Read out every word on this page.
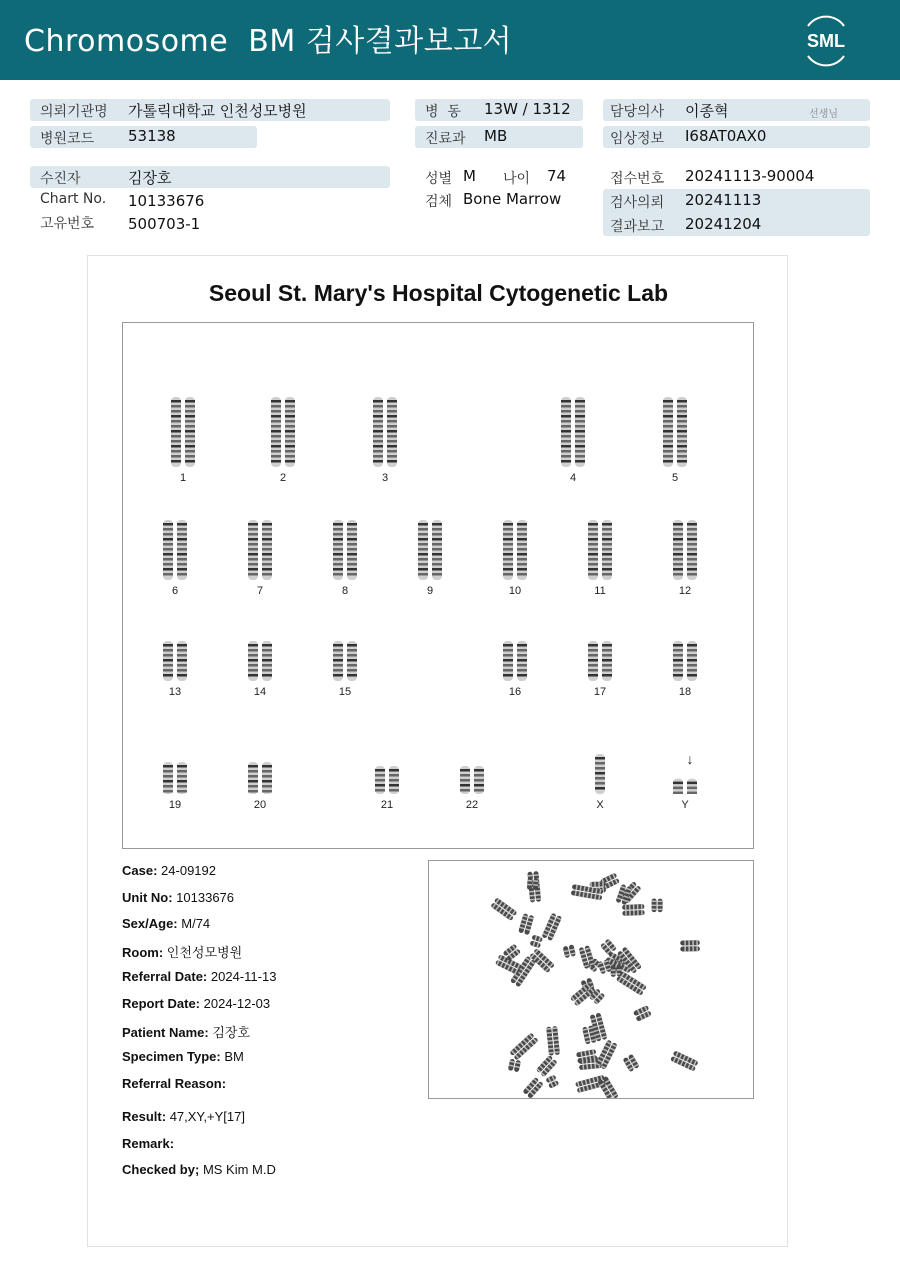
Chromosome  BM 검사결과보고서	SML
의뢰기관명 가톨릭대학교 인천성모병원
병원코드 53138
병  동 13W / 1312
진료과 MB
담당의사 이종혁	선생님
임상정보 I68AT0AX0
수진자	김장호
Chart No. 10133676
고유번호 500703-1
성별 M 나이 74
검체 Bone Marrow
접수번호 20241113-90004
검사의뢰 20241113
결과보고 20241204
Seoul St. Mary's Hospital Cytogenetic Lab
1	2	3	4	5
6	7	8	9	10	11	12
13	14	15	16	17	18
19	20	21	22	X	Y
↓
Case: 24-09192
Unit No: 10133676
Sex/Age: M/74
Room: 인천성모병원
Referral Date: 2024-11-13
Report Date: 2024-12-03
Patient Name: 김장호
Specimen Type: BM
Referral Reason:
Result: 47,XY,+Y[17]
Remark:
Checked by; MS Kim M.D
